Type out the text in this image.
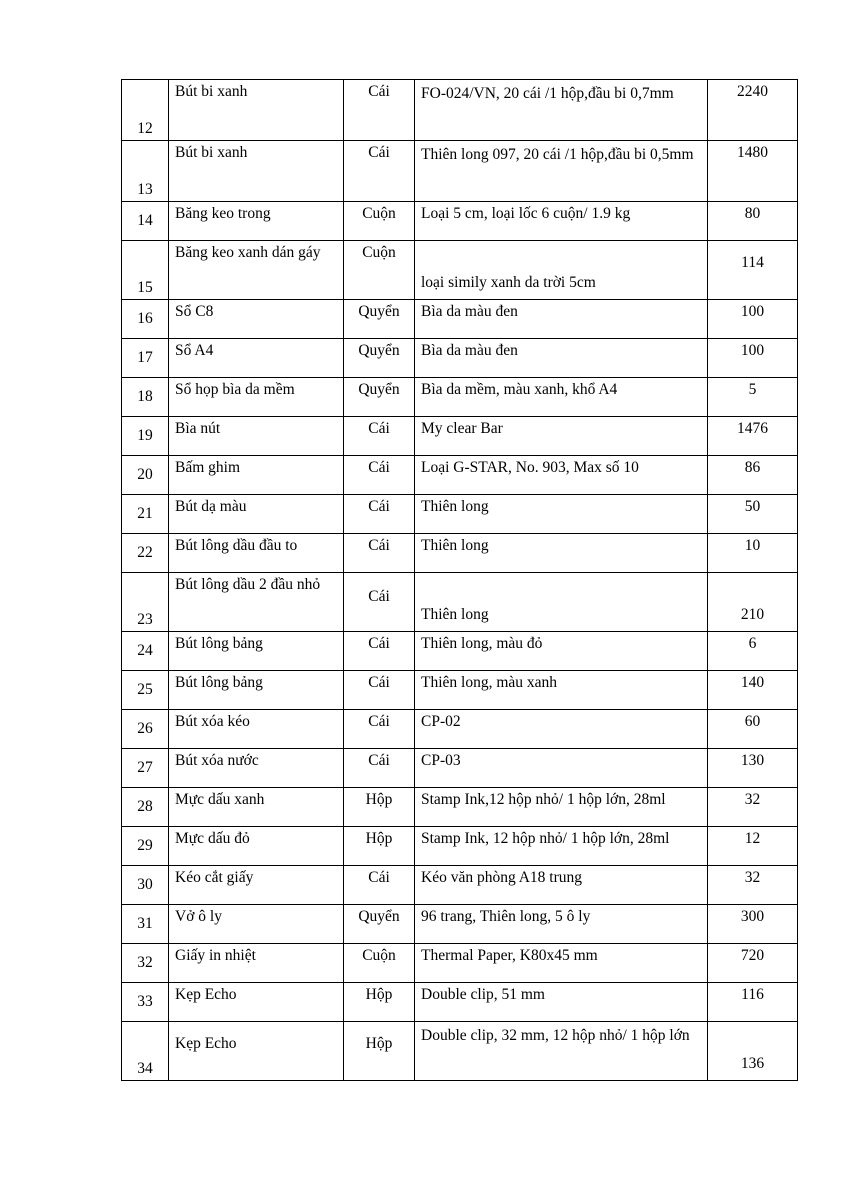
12	Bút bi xanh	Cái	FO-024/VN, 20 cái /1 hộp,đầu bi 0,7mm	2240
13	Bút bi xanh	Cái	Thiên long 097, 20 cái /1 hộp,đầu bi 0,5mm	1480
14	Băng keo trong	Cuộn	Loại 5 cm, loại lốc 6 cuộn/ 1.9 kg	80
15	Băng keo xanh dán gáy	Cuộn	loại simily xanh da trời 5cm	114
16	Sổ C8	Quyển	Bìa da màu đen	100
17	Sổ A4	Quyển	Bìa da màu đen	100
18	Sổ họp bìa da mềm	Quyển	Bìa da mềm, màu xanh, khổ A4	5
19	Bìa nút	Cái	My clear Bar	1476
20	Bấm ghim	Cái	Loại G-STAR, No. 903, Max số 10	86
21	Bút dạ màu	Cái	Thiên long	50
22	Bút lông dầu đầu to	Cái	Thiên long	10
23	Bút lông dầu 2 đầu nhỏ	Cái	Thiên long	210
24	Bút lông bảng	Cái	Thiên long, màu đỏ	6
25	Bút lông bảng	Cái	Thiên long, màu xanh	140
26	Bút xóa kéo	Cái	CP-02	60
27	Bút xóa nước	Cái	CP-03	130
28	Mực dấu xanh	Hộp	Stamp Ink,12 hộp nhỏ/ 1 hộp lớn, 28ml	32
29	Mực dấu đỏ	Hộp	Stamp Ink, 12 hộp nhỏ/ 1 hộp lớn, 28ml	12
30	Kéo cắt giấy	Cái	Kéo văn phòng A18 trung	32
31	Vở ô ly	Quyển	96 trang, Thiên long, 5 ô ly	300
32	Giấy in nhiệt	Cuộn	Thermal Paper, K80x45 mm	720
33	Kẹp Echo	Hộp	Double clip, 51 mm	116
34	Kẹp Echo	Hộp	Double clip, 32 mm, 12 hộp nhỏ/ 1 hộp lớn	136
